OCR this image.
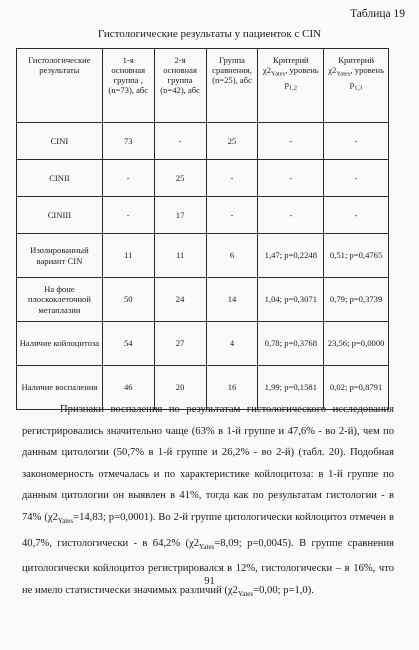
Таблица 19
Гистологические результаты у пациенток с CIN
Гистологические результаты	1-я основная группа , (n=73), абс	2-я основная группа (n=42), абс	Группа сравнения, (n=25), абс	Критерий $\chi 2_{Yates}$, уровень $р_{1,2}$	Критерий $\chi 2_{Yates}$, уровень $р_{1,3}$
CINI	73	-	25	-	-
CINII	-	25	-	-	-
CINIII	-	17	-	-	-
Изолированный вариант CIN	11	11	6	1,47; p=0,2248	0,51; p=0,4765
На фоне плоскоклеточной метаплазии	50	24	14	1,04; p=0,3071	0,79; p=0,3739
Наличие койлоцитоза	54	27	4	0,78; p=0,3768	23,56; p=0,0000
Наличие воспаления	46	20	16	1,99; p=0,1581	0,02; p=0,8791

Признаки воспаления по результатам гистологического исследования регистрировались значительно чаще (63% в 1-й группе и 47,6% - во 2-й), чем по данным цитологии (50,7% в 1-й группе и 26,2% - во 2-й) (табл. 20). Подобная закономерность отмечалась и по характеристике койлоцитоза: в 1-й группе по данным цитологии он выявлен в 41%, тогда как по результатам гистологии - в 74% ($\chi 2_{Yates}=14,83$; p=0,0001). Во 2-й группе цитологически койлоцитоз отмечен в 40,7%, гистологически - в 64,2% ($\chi 2_{Yates}=8,09$; p=0,0045). В группе сравнения цитологически койлоцитоз регистрировался в 12%, гистологически – в 16%, что не имело статистически значимых различий ($\chi 2_{Yates}=0,00$; p=1,0).

91
